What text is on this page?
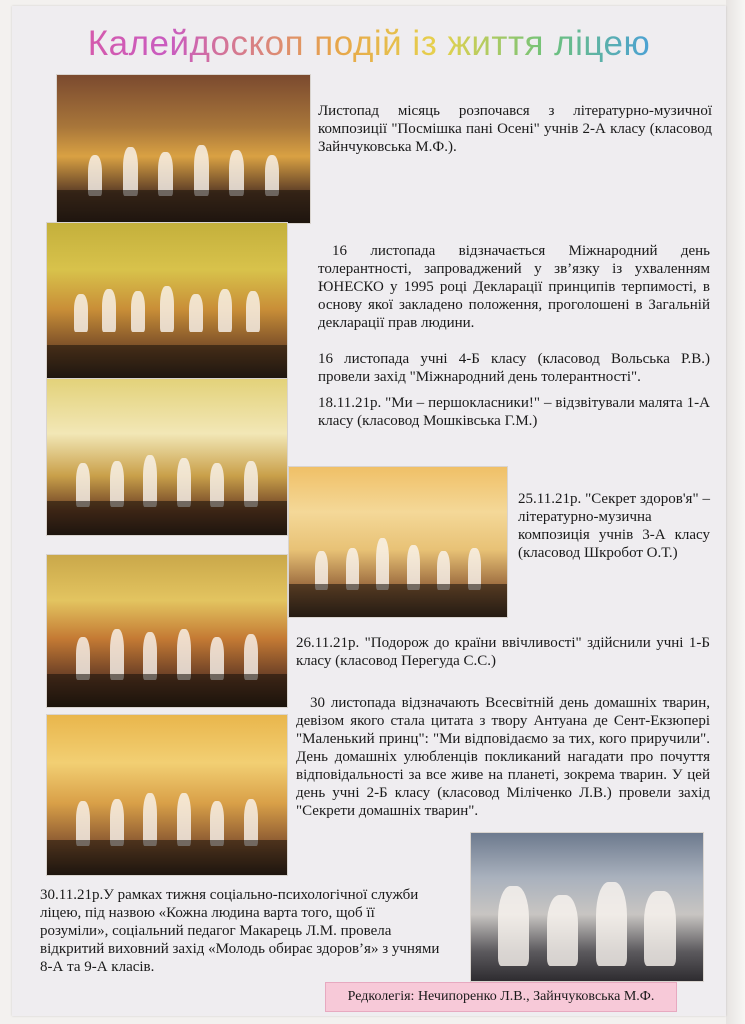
Калейдоскоп подій із життя ліцею

Листопад місяць розпочався з літературно-музичної композиції "Посмішка пані Осені" учнів 2-А класу (класовод Зайнчуковська М.Ф.).

16 листопада відзначається Міжнародний день толерантності, запроваджений у зв’язку із ухваленням ЮНЕСКО у 1995 році Декларації принципів терпимості, в основу якої закладено положення, проголошені в Загальній декларації прав людини.

16 листопада учні 4-Б класу (класовод Вольська Р.В.) провели захід "Міжнародний день толерантності".

18.11.21р. "Ми – першокласники!" – відзвітували малята 1-А класу (класовод Мошківська Г.М.)

25.11.21р. "Секрет здоров'я" – літературно-музична композиція учнів 3-А класу (класовод Шкробот О.Т.)

26.11.21р. "Подорож до країни ввічливості" здійснили учні 1-Б класу (класовод Перегуда С.С.)

30 листопада відзначають Всесвітній день домашніх тварин, девізом якого стала цитата з твору Антуана де Сент-Екзюпері "Маленький принц": "Ми відповідаємо за тих, кого приручили". День домашніх улюбленців покликаний нагадати про почуття відповідальності за все живе на планеті, зокрема тварин. У цей день учні 2-Б класу (класовод Міліченко Л.В.) провели захід "Секрети домашніх тварин".

30.11.21р.У рамках тижня соціально-психологічної служби ліцею, під назвою «Кожна людина варта того, щоб її розуміли», соціальний педагог Макарець Л.М. провела відкритий виховний захід «Молодь обирає здоров’я» з учнями 8-А та 9-А класів.

Редколегія: Нечипоренко Л.В., Зайнчуковська М.Ф.
